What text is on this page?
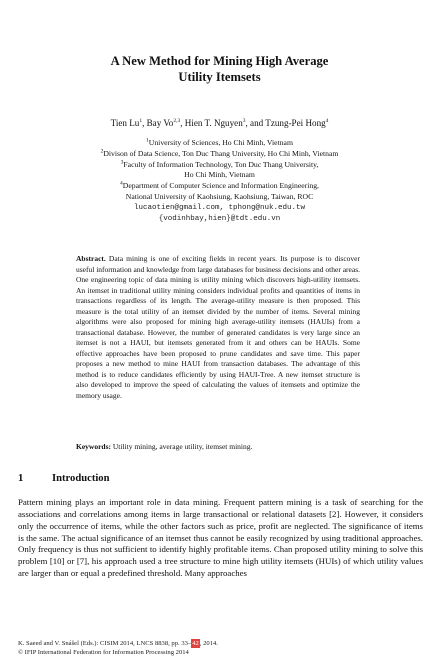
A New Method for Mining High Average
Utility Itemsets
Tien Lu$^1$, Bay Vo$^{2,3}$, Hien T. Nguyen$^3$, and Tzung-Pei Hong$^4$
$^1$University of Sciences, Ho Chi Minh, Vietnam
$^2$Divison of Data Science, Ton Duc Thang University, Ho Chi Minh, Vietnam
$^3$Faculty of Information Technology, Ton Duc Thang University,
Ho Chi Minh, Vietnam
$^4$Department of Computer Science and Information Engineering,
National University of Kaohsiung, Kaohsiung, Taiwan, ROC
lucaotien@gmail.com, tphong@nuk.edu.tw
{vodinhbay,hien}@tdt.edu.vn
Abstract. Data mining is one of exciting fields in recent years. Its purpose is to discover useful information and knowledge from large databases for business decisions and other areas. One engineering topic of data mining is utility mining which discovers high-utility itemsets. An itemset in traditional utility mining considers individual profits and quantities of items in transactions regardless of its length. The average-utility measure is then proposed. This measure is the total utility of an itemset divided by the number of items. Several mining algorithms were also proposed for mining high average-utility itemsets (HAUIs) from a transactional database. However, the number of generated candidates is very large since an itemset is not a HAUI, but itemsets generated from it and others can be HAUIs. Some effective approaches have been proposed to prune candidates and save time. This paper proposes a new method to mine HAUI from transaction databases. The advantage of this method is to reduce candidates efficiently by using HAUI-Tree. A new itemset structure is also developed to improve the speed of calculating the values of itemsets and optimize the memory usage.
Keywords: Utility mining, average utility, itemset mining.
1	Introduction
Pattern mining plays an important role in data mining. Frequent pattern mining is a task of searching for the associations and correlations among items in large transactional or relational datasets [2]. However, it considers only the occurrence of items, while the other factors such as price, profit are neglected. The significance of items is the same. The actual significance of an itemset thus cannot be easily recognized by using traditional approaches. Only frequency is thus not sufficient to identify highly profitable items. Chan proposed utility mining to solve this problem [10] or [7], his approach used a tree structure to mine high utility itemsets (HUIs) of which utility values are larger than or equal a predefined threshold. Many approaches
K. Saeed and V. Snášel (Eds.): CISIM 2014, LNCS 8838, pp. 33–42, 2014.
© IFIP International Federation for Information Processing 2014
